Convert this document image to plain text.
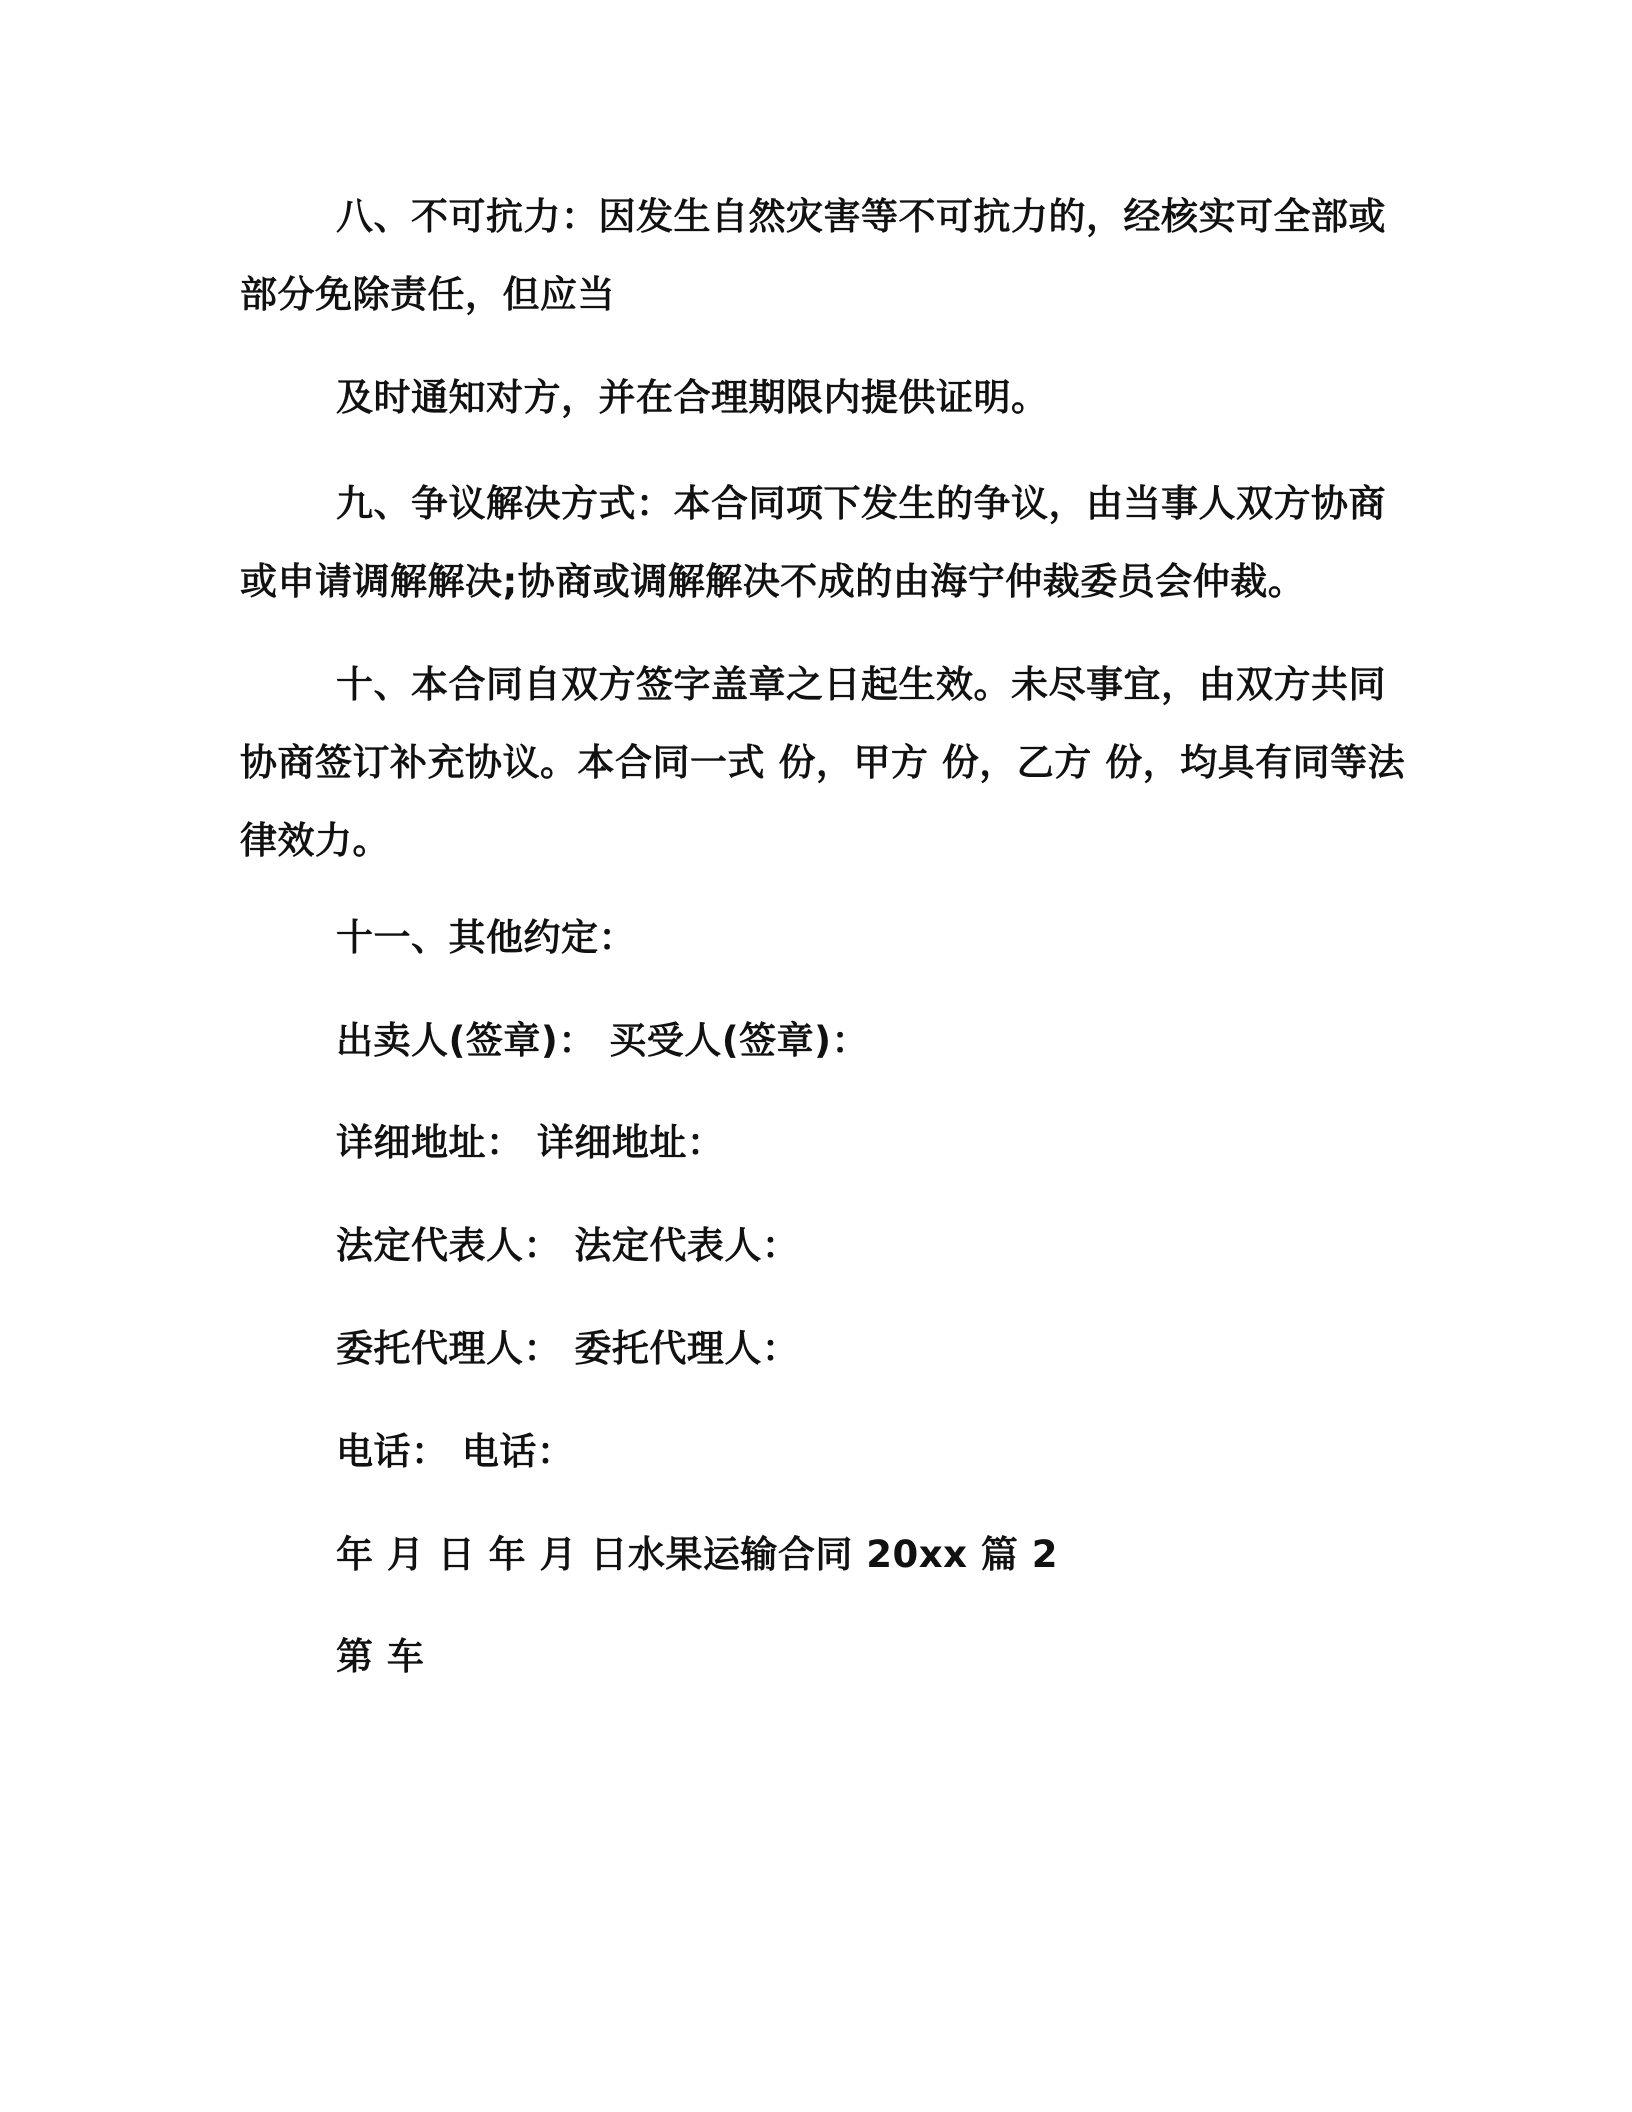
八、不可抗力：因发生自然灾害等不可抗力的，经核实可全部或
部分免除责任，但应当

及时通知对方，并在合理期限内提供证明。

九、争议解决方式：本合同项下发生的争议，由当事人双方协商
或申请调解解决;协商或调解解决不成的由海宁仲裁委员会仲裁。
十、本合同自双方签字盖章之日起生效。未尽事宜，由双方共同
协商签订补充协议。本合同一式 份，甲方 份，乙方 份，均具有同等法
律效力。

十一、其他约定：

出卖人(签章)： 买受人(签章)：

详细地址： 详细地址：

法定代表人： 法定代表人：

委托代理人： 委托代理人：

电话： 电话：

年 月 日 年 月 日水果运输合同 20xx 篇 2

第 车
